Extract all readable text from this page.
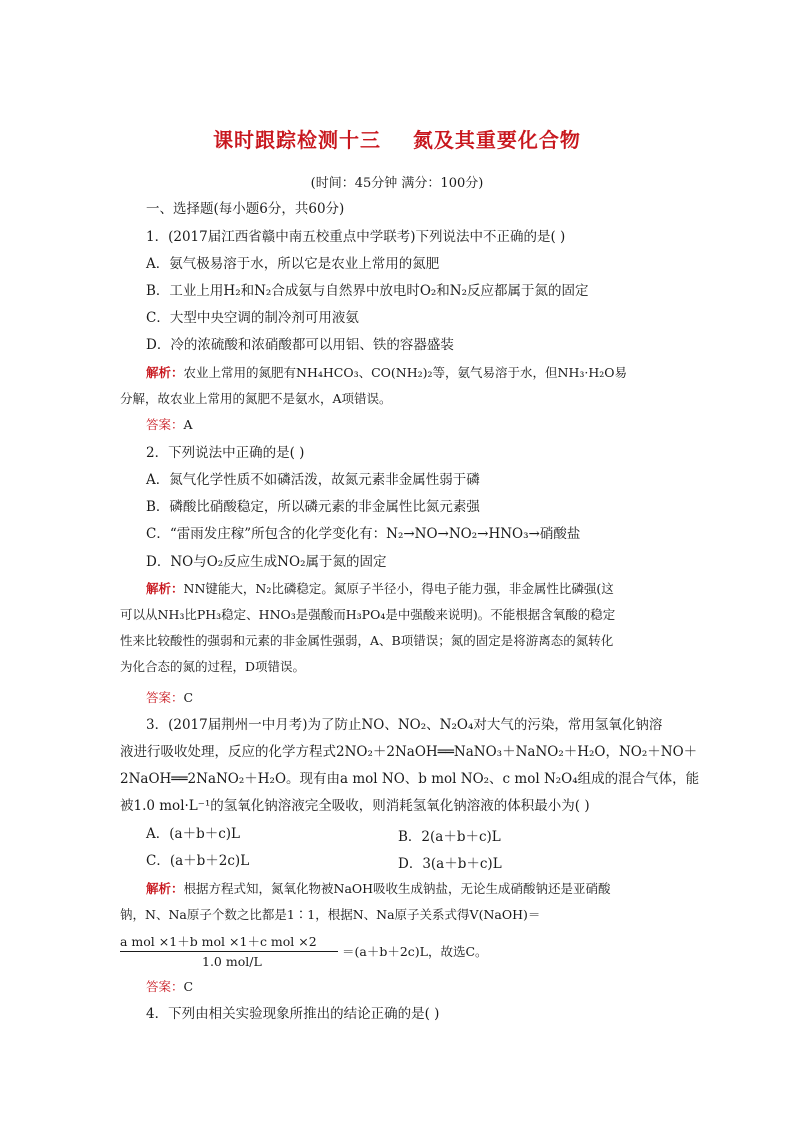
课时跟踪检测十三    氮及其重要化合物
(时间：45分钟 满分：100分)
一、选择题(每小题6分，共60分)
1．(2017届江西省赣中南五校重点中学联考)下列说法中不正确的是( )
A．氨气极易溶于水，所以它是农业上常用的氮肥
B．工业上用H₂和N₂合成氨与自然界中放电时O₂和N₂反应都属于氮的固定
C．大型中央空调的制冷剂可用液氨
D．冷的浓硫酸和浓硝酸都可以用铝、铁的容器盛装
解析：农业上常用的氮肥有NH₄HCO₃、CO(NH₂)₂等，氨气易溶于水，但NH₃·H₂O易
分解，故农业上常用的氮肥不是氨水，A项错误。
答案：A
2．下列说法中正确的是( )
A．氮气化学性质不如磷活泼，故氮元素非金属性弱于磷
B．磷酸比硝酸稳定，所以磷元素的非金属性比氮元素强
C．“雷雨发庄稼”所包含的化学变化有：N₂→NO→NO₂→HNO₃→硝酸盐
D．NO与O₂反应生成NO₂属于氮的固定
解析：NN键能大，N₂比磷稳定。氮原子半径小，得电子能力强，非金属性比磷强(这
可以从NH₃比PH₃稳定、HNO₃是强酸而H₃PO₄是中强酸来说明)。不能根据含氧酸的稳定
性来比较酸性的强弱和元素的非金属性强弱，A、B项错误；氮的固定是将游离态的氮转化
为化合态的氮的过程，D项错误。
答案：C
3．(2017届荆州一中月考)为了防止NO、NO₂、N₂O₄对大气的污染，常用氢氧化钠溶
液进行吸收处理，反应的化学方程式2NO₂＋2NaOH══NaNO₃＋NaNO₂＋H₂O，NO₂＋NO＋
2NaOH══2NaNO₂＋H₂O。现有由a mol NO、b mol NO₂、c mol N₂O₄组成的混合气体，能
被1.0 mol·L⁻¹的氢氧化钠溶液完全吸收，则消耗氢氧化钠溶液的体积最小为( )
A．(a＋b＋c)L	B．2(a＋b＋c)L
C．(a＋b＋2c)L	D．3(a＋b＋c)L
解析：根据方程式知，氮氧化物被NaOH吸收生成钠盐，无论生成硝酸钠还是亚硝酸
钠，N、Na原子个数之比都是1∶1，根据N、Na原子关系式得V(NaOH)＝
a mol ×1＋b mol ×1＋c mol ×2
1.0 mol/L
＝(a＋b＋2c)L，故选C。
答案：C
4．下列由相关实验现象所推出的结论正确的是( )
